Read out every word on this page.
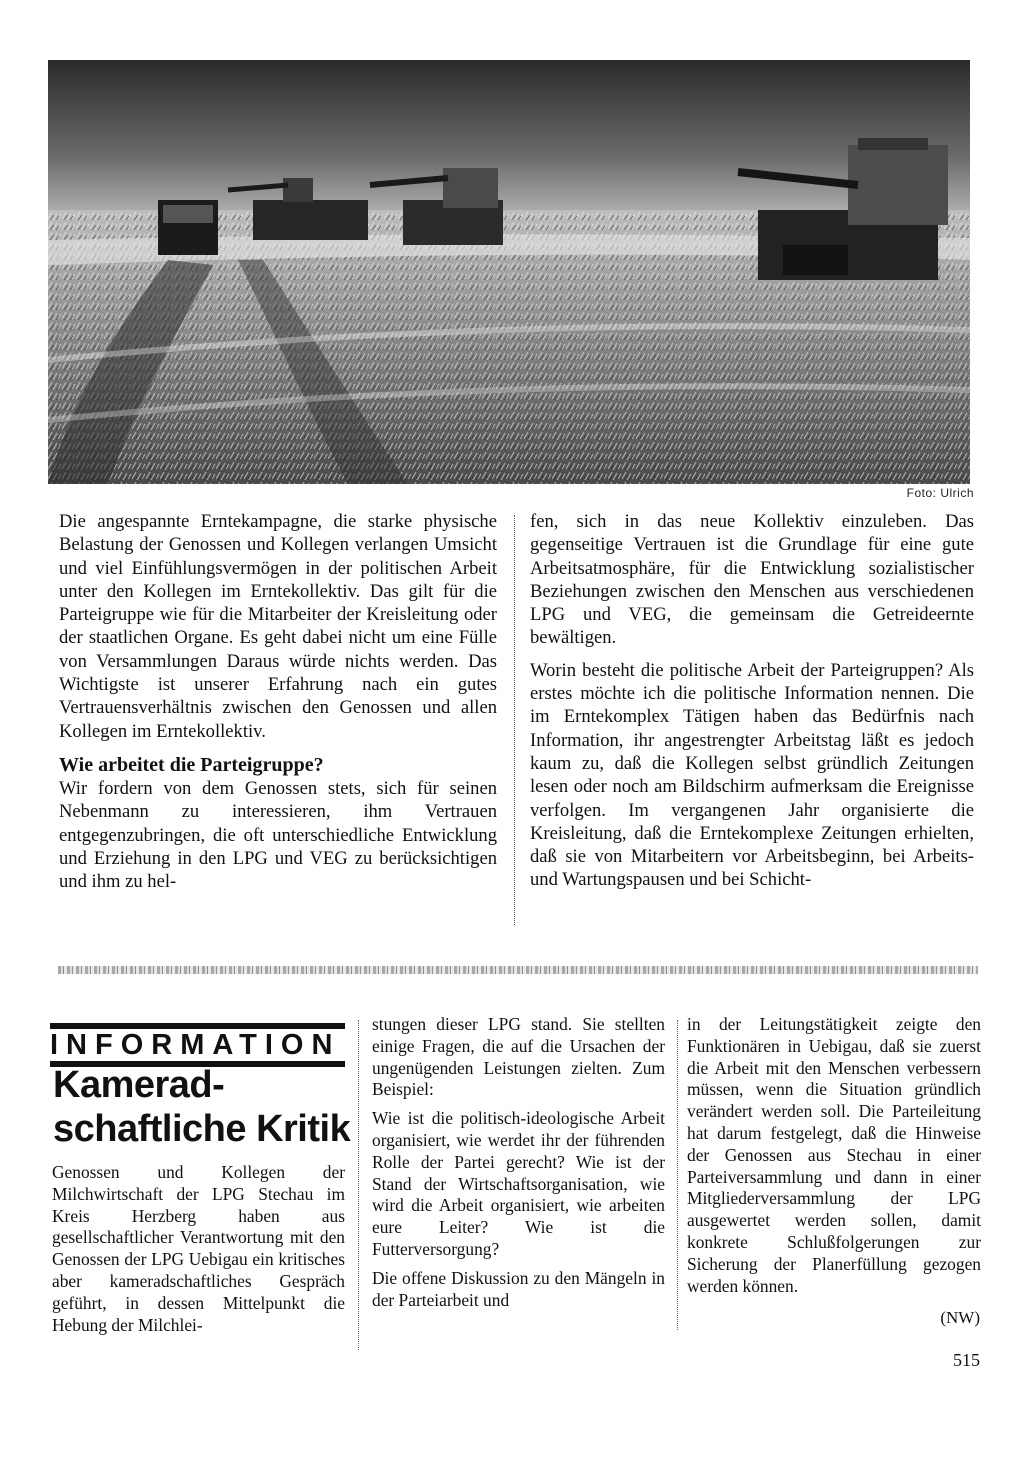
Foto: Ulrich

Die angespannte Erntekampagne, die starke physische Belastung der Genossen und Kollegen verlangen Umsicht und viel Einfühlungsvermögen in der politischen Arbeit unter den Kollegen im Erntekollektiv. Das gilt für die Parteigruppe wie für die Mitarbeiter der Kreisleitung oder der staatlichen Organe. Es geht dabei nicht um eine Fülle von Versammlungen Daraus würde nichts werden. Das Wichtigste ist unserer Erfahrung nach ein gutes Vertrauensverhältnis zwischen den Genossen und allen Kollegen im Erntekollektiv.

Wie arbeitet die Parteigruppe?

Wir fordern von dem Genossen stets, sich für seinen Nebenmann zu interessieren, ihm Vertrauen entgegenzubringen, die oft unterschiedliche Entwicklung und Erziehung in den LPG und VEG zu berücksichtigen und ihm zu hel-

fen, sich in das neue Kollektiv einzuleben. Das gegenseitige Vertrauen ist die Grundlage für eine gute Arbeitsatmosphäre, für die Entwicklung sozialistischer Beziehungen zwischen den Menschen aus verschiedenen LPG und VEG, die gemeinsam die Getreideernte bewältigen.

Worin besteht die politische Arbeit der Parteigruppen? Als erstes möchte ich die politische Information nennen. Die im Erntekomplex Tätigen haben das Bedürfnis nach Information, ihr angestrengter Arbeitstag läßt es jedoch kaum zu, daß die Kollegen selbst gründlich Zeitungen lesen oder noch am Bildschirm aufmerksam die Ereignisse verfolgen. Im vergangenen Jahr organisierte die Kreisleitung, daß die Erntekomplexe Zeitungen erhielten, daß sie von Mitarbeitern vor Arbeitsbeginn, bei Arbeits- und Wartungspausen und bei Schicht-

INFORMATION
Kamerad-
schaftliche Kritik

Genossen und Kollegen der Milchwirtschaft der LPG Stechau im Kreis Herzberg haben aus gesellschaftlicher Verantwortung mit den Genossen der LPG Uebigau ein kritisches aber kameradschaftliches Gespräch geführt, in dessen Mittelpunkt die Hebung der Milchlei-

stungen dieser LPG stand. Sie stellten einige Fragen, die auf die Ursachen der ungenügenden Leistungen zielten. Zum Beispiel:

Wie ist die politisch-ideologische Arbeit organisiert, wie werdet ihr der führenden Rolle der Partei gerecht? Wie ist der Stand der Wirtschaftsorganisation, wie wird die Arbeit organisiert, wie arbeiten eure Leiter? Wie ist die Futterversorgung?

Die offene Diskussion zu den Mängeln in der Parteiarbeit und

in der Leitungstätigkeit zeigte den Funktionären in Uebigau, daß sie zuerst die Arbeit mit den Menschen verbessern müssen, wenn die Situation gründlich verändert werden soll. Die Parteileitung hat darum festgelegt, daß die Hinweise der Genossen aus Stechau in einer Parteiversammlung und dann in einer Mitgliederversammlung der LPG ausgewertet werden sollen, damit konkrete Schlußfolgerungen zur Sicherung der Planerfüllung gezogen werden können.

(NW)
515
